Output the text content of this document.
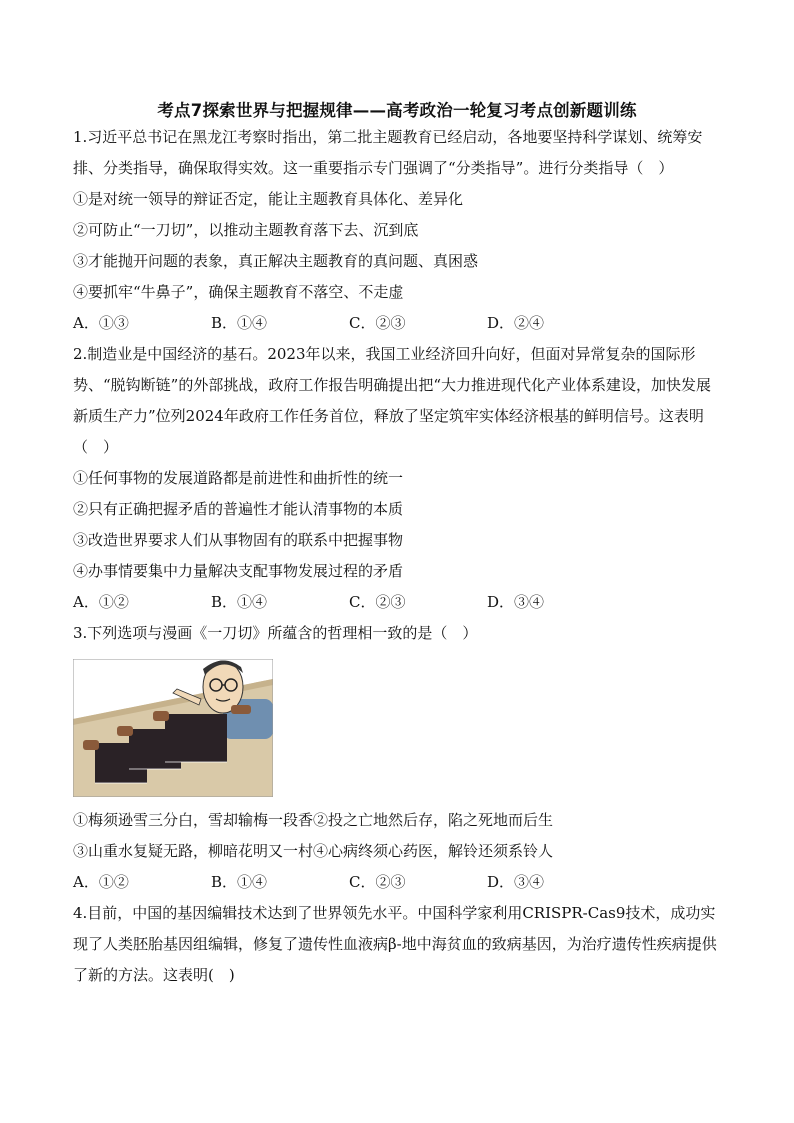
考点7探索世界与把握规律——高考政治一轮复习考点创新题训练

1.习近平总书记在黑龙江考察时指出，第二批主题教育已经启动，各地要坚持科学谋划、统筹安排、分类指导，确保取得实效。这一重要指示专门强调了“分类指导”。进行分类指导（　）

①是对统一领导的辩证否定，能让主题教育具体化、差异化

②可防止“一刀切”，以推动主题教育落下去、沉到底

③才能抛开问题的表象，真正解决主题教育的真问题、真困惑

④要抓牢“牛鼻子”，确保主题教育不落空、不走虚

A．①③	B．①④	C．②③	D．②④

2.制造业是中国经济的基石。2023年以来，我国工业经济回升向好，但面对异常复杂的国际形势、“脱钩断链”的外部挑战，政府工作报告明确提出把“大力推进现代化产业体系建设，加快发展新质生产力”位列2024年政府工作任务首位，释放了坚定筑牢实体经济根基的鲜明信号。这表明（　）

①任何事物的发展道路都是前进性和曲折性的统一

②只有正确把握矛盾的普遍性才能认清事物的本质

③改造世界要求人们从事物固有的联系中把握事物

④办事情要集中力量解决支配事物发展过程的矛盾

A．①②	B．①④	C．②③	D．③④

3.下列选项与漫画《一刀切》所蕴含的哲理相一致的是（　）

①梅须逊雪三分白，雪却输梅一段香②投之亡地然后存，陷之死地而后生

③山重水复疑无路，柳暗花明又一村④心病终须心药医，解铃还须系铃人

A．①②	B．①④	C．②③	D．③④

4.目前，中国的基因编辑技术达到了世界领先水平。中国科学家利用CRISPR-Cas9技术，成功实现了人类胚胎基因组编辑，修复了遗传性血液病β-地中海贫血的致病基因，为治疗遗传性疾病提供了新的方法。这表明(　)
